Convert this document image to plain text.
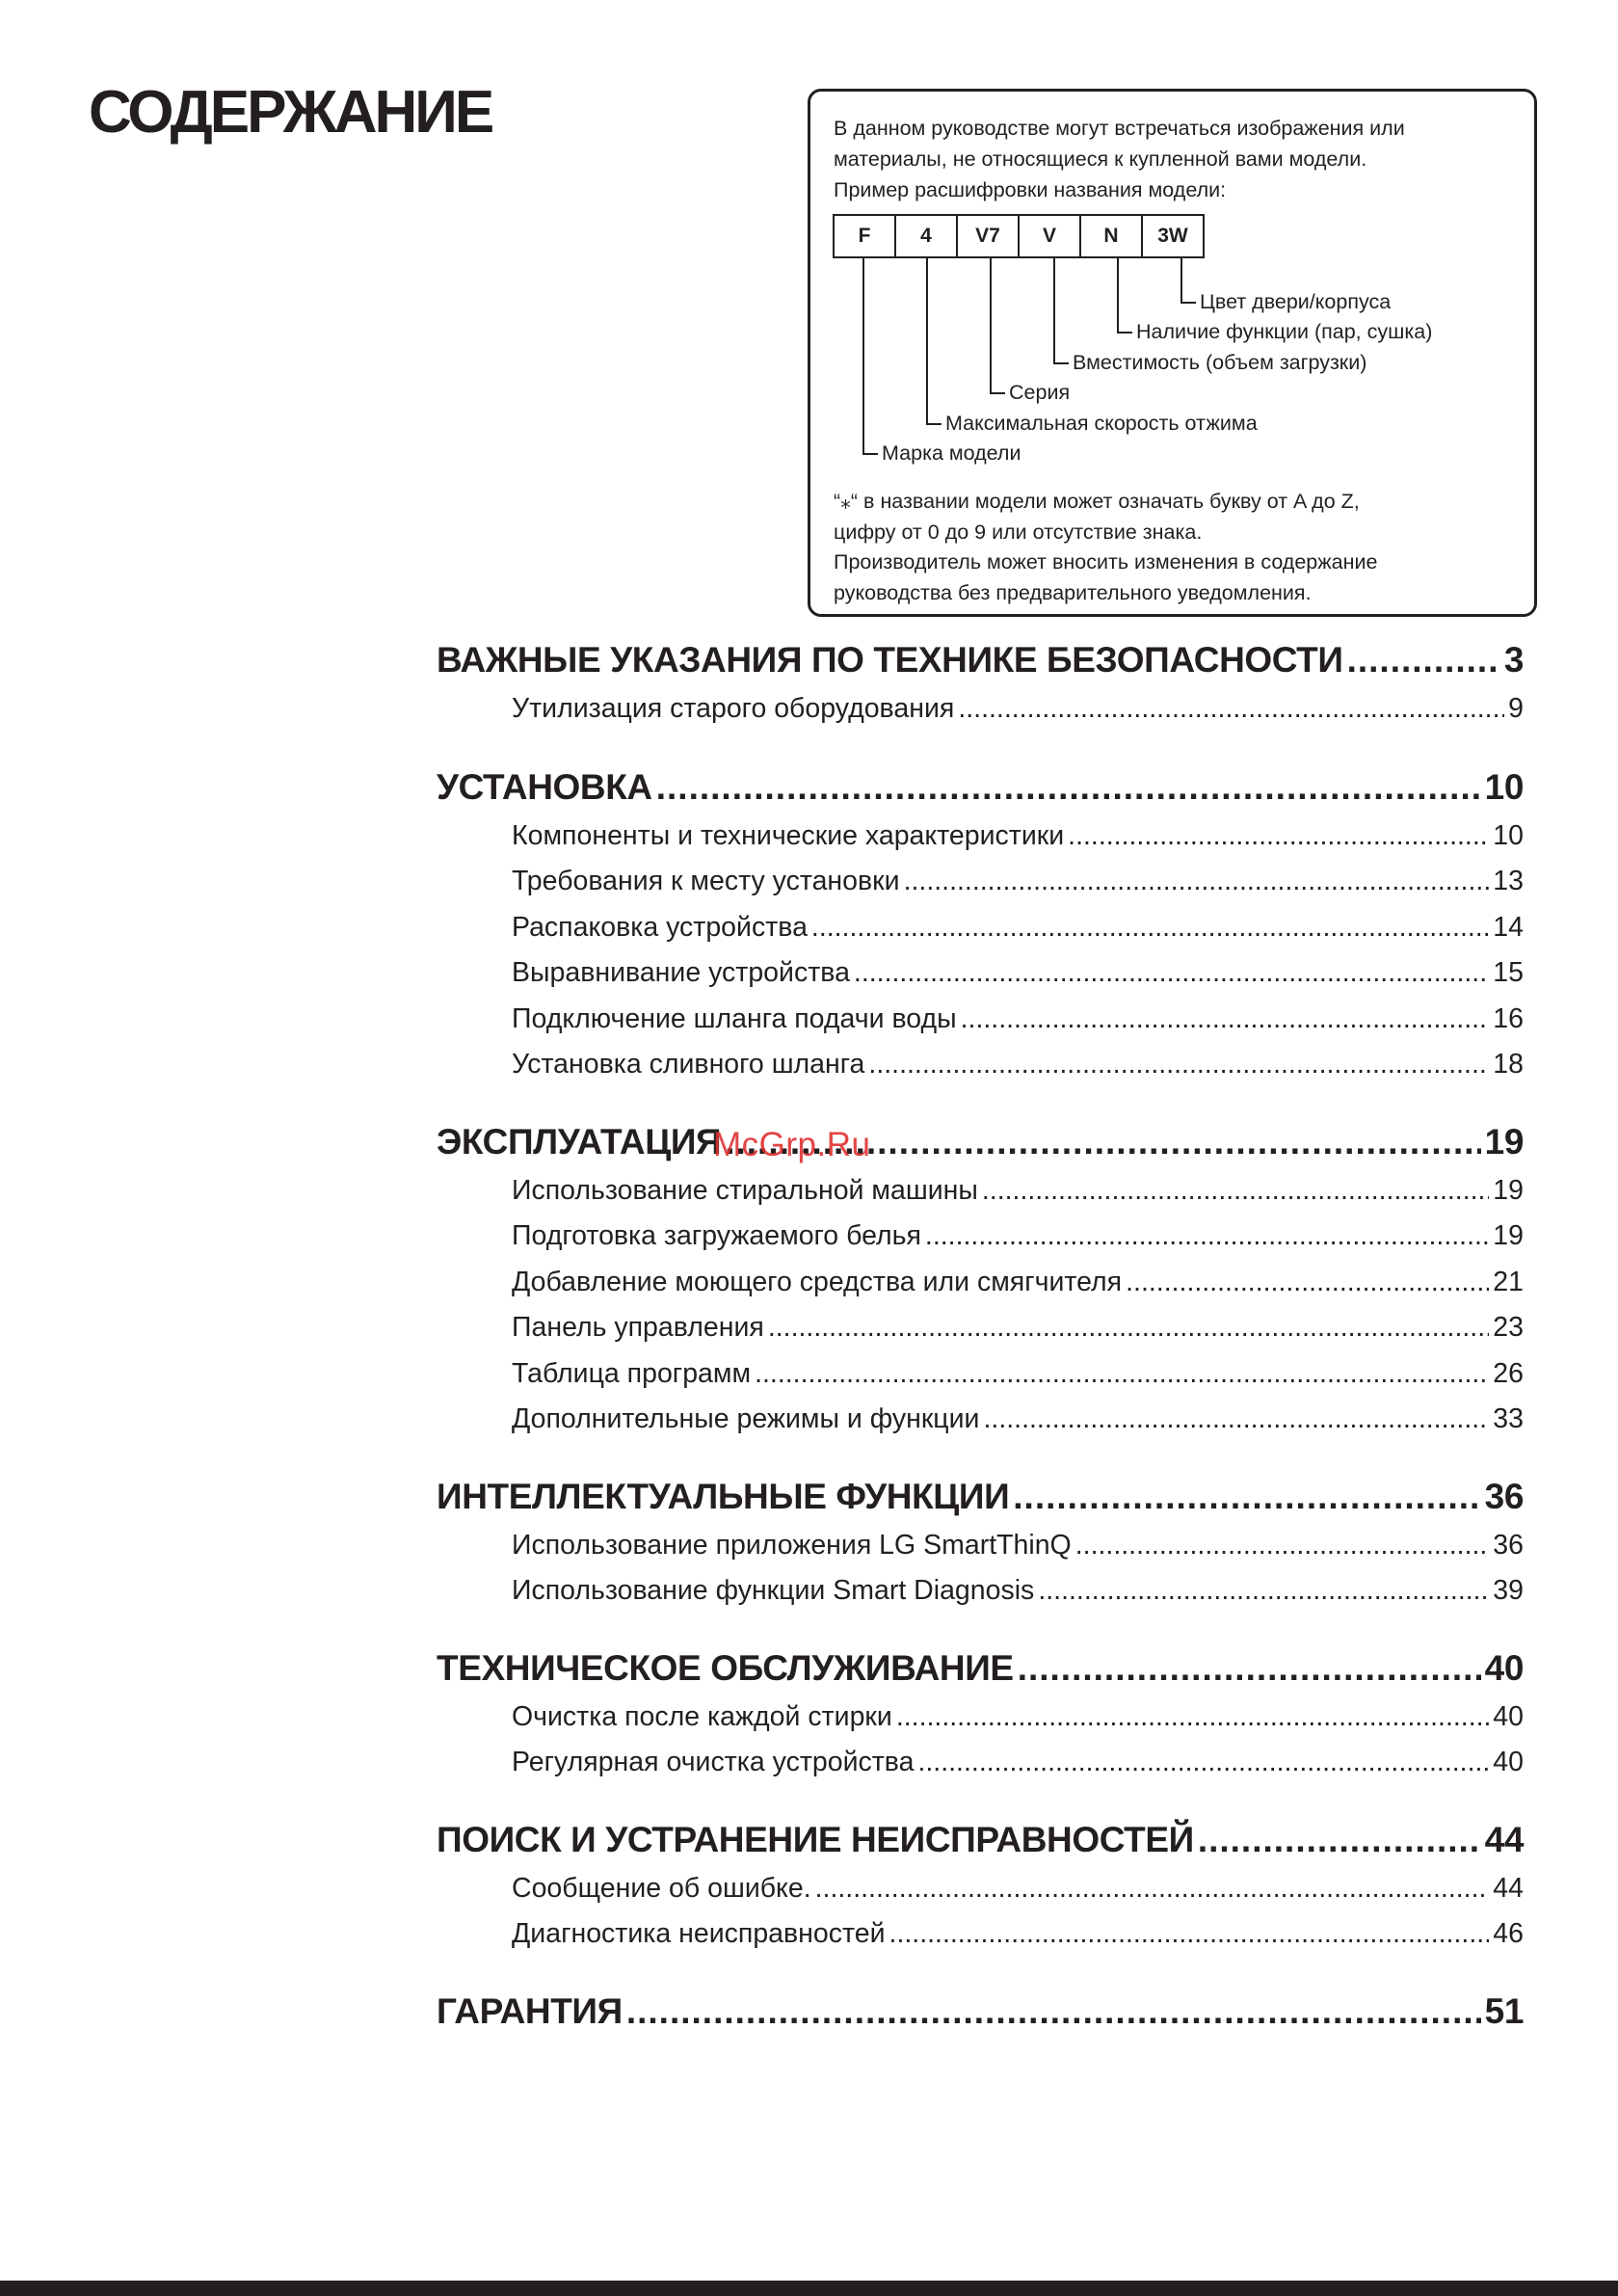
СОДЕРЖАНИЕ	В данном руководстве могут встречаться изображения или
материалы, не относящиеся к купленной вами модели.
Пример расшифровки названия модели:
F	4	V7	V	N	3W
Цвет двери/корпуса
Наличие функции (пар, сушка)
Вместимость (объем загрузки)
Серия
Максимальная скорость отжима
Марка модели
“⁎“ в названии модели может означать букву от A до Z,
цифру от 0 до 9 или отсутствие знака.
Производитель может вносить изменения в содержание
руководства без предварительного уведомления.
ВАЖНЫЕ УКАЗАНИЯ ПО ТЕХНИКЕ БЕЗОПАСНОСТИ .....	3
Утилизация старого оборудования .....	9
УСТАНОВКА .....	10
Компоненты и технические характеристики .....	10
Требования к месту установки .....	13
Распаковка устройства .....	14
Выравнивание устройства .....	15
Подключение шланга подачи воды .....	16
Установка сливного шланга .....	18
ЭКСПЛУАТАЦИЯ .....	19
Использование стиральной машины .....	19
Подготовка загружаемого белья .....	19
Добавление моющего средства или смягчителя .....	21
Панель управления .....	23
Таблица программ .....	26
Дополнительные режимы и функции .....	33
ИНТЕЛЛЕКТУАЛЬНЫЕ ФУНКЦИИ .....	36
Использование приложения LG SmartThinQ .....	36
Использование функции Smart Diagnosis .....	39
ТЕХНИЧЕСКОЕ ОБСЛУЖИВАНИЕ .....	40
Очистка после каждой стирки .....	40
Регулярная очистка устройства .....	40
ПОИСК И УСТРАНЕНИЕ НЕИСПРАВНОСТЕЙ .....	44
Сообщение об ошибке. .....	44
Диагностика неисправностей .....	46
ГАРАНТИЯ .....	51
McGrp.Ru
